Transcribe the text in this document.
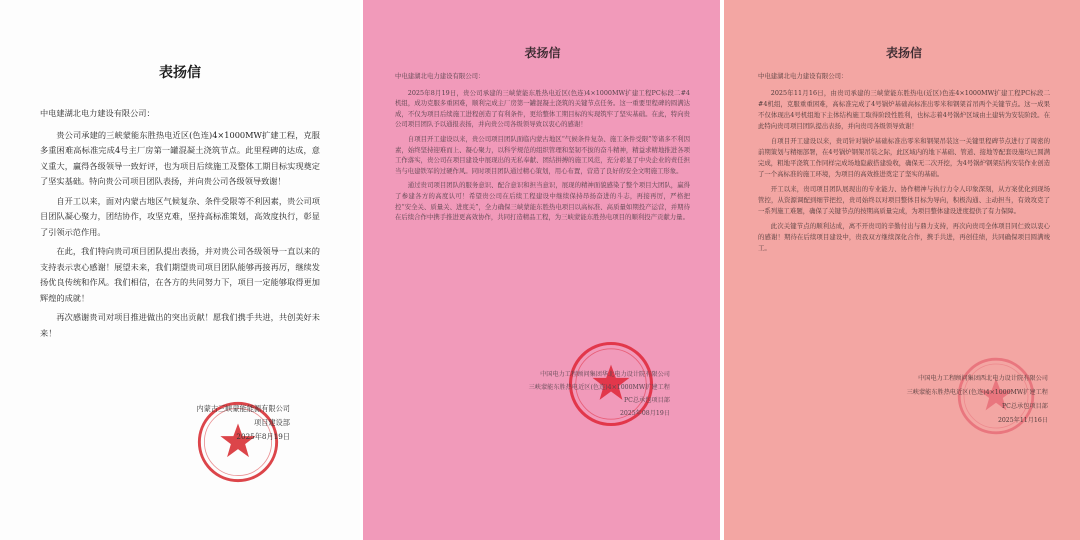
表扬信
中电建湖北电力建设有限公司：

贵公司承建的三峡蒙能东胜热电近区(色连)4×1000MW扩建工程，克服多重困难高标准完成4号主厂房第一罐混凝土浇筑节点。此里程碑的达成，意义重大，赢得各级领导一致好评，也为项目后续施工及整体工期目标实现奠定了坚实基础。特向贵公司项目团队表扬，并向贵公司各级领导致谢！

自开工以来，面对内蒙古地区气候复杂、条件受限等不利因素，贵公司项目团队凝心聚力，团结协作，攻坚克难，坚持高标准策划，高效度执行，彰显了引领示范作用。

在此，我们特向贵司项目团队提出表扬，并对贵公司各级领导一直以来的支持表示衷心感谢！展望未来，我们期望贵司项目团队能够再接再厉，继续发扬优良传统和作风。我们相信，在各方的共同努力下，项目一定能够取得更加辉煌的成就！

再次感谢贵司对项目推进做出的突出贡献！愿我们携手共进，共创美好未来！

内蒙古三峡蒙能能源有限公司
项目建设部
2025年8月19日
表扬信
中电建湖北电力建设有限公司：

2025年8月19日，贵公司承建的三峡蒙能东胜热电近区(色连)4×1000MW扩建工程PC标段二#4机组，成功克服多重困难，顺利完成主厂房第一罐混凝土浇筑的关键节点任务。这一重要里程碑的圆满达成，不仅为项目后续施工进程创造了有利条件，更给整体工期目标的实现筑牢了坚实基础。在此，特向贵公司项目团队予以通报表扬，并向贵公司各级领导致以衷心的感谢！

自项目开工建设以来，贵公司项目团队面临内蒙古地区“气候条件复杂、施工条件受限”等诸多不利因素，始终坚持迎难而上、凝心聚力，以科学规范的组织管理和坚韧不拔的奋斗精神，精益求精地推进各项工作落实，贵公司在项目建设中展现出的无私奉献、团结拼搏的施工风范，充分彰显了中央企业的责任担当与电建铁军的过硬作风。同时项目团队通过精心策划，用心布置，营造了良好的安全文明施工形象。

通过贵司项目团队的服务意识、配合意识和担当意识，展现的精神面貌感染了整个项目大团队，赢得了参建各方的高度认可！希望贵公司在后续工程建设中继续保持昂扬奋进的斗志，再接再厉，严格把控“安全关、质量关、进度关”，全力确保三峡蒙能东胜热电项目以高标准、高质量如期投产运营，并期待在后续合作中携手推进更高效协作，共同打造精品工程，为三峡蒙能东胜热电项目的顺利投产贡献力量。

中国电力工程顾问集团华北电力设计院有限公司
三峡蒙能东胜热电近区(色连)4×1000MW扩建工程
PC总承包项目部
2025年08月19日
表扬信
中电建湖北电力建设有限公司：

2025年11月16日，由贵司承建的三峡蒙能东胜热电(近区)色连4×1000MW扩建工程PC标段二#4机组，克服重重困难，高标准完成了4号锅炉基础高标准出零米和钢架首吊两个关键节点。这一成果不仅体现出4号机组地下主体结构施工取得阶段性胜利，也标志着4号锅炉区域由土建转为安装阶段。在此特向贵司项目团队提出表扬，并向贵司各级领导致谢！

自项目开工建设以来，贵司针对锅炉基础标准出零米和钢架吊装这一关键里程碑节点进行了周密的前期策划与精细部署，在4号锅炉钢架吊装之际，此区域内的地下基础、管道、接地等配套设施均已圆满完成，粗地平浇筑工作同样完成场地隐蔽搭建验收，确保无二次开挖，为4号锅炉钢架结构安装作业创造了一个高标准的施工环境，为项目的高效推进奠定了坚实的基础。

开工以来，贵司项目团队展现出的专业能力、协作精神与执行力令人印象深刻，从方案优化到现场管控，从资源调配到细节把控，贵司始终以对项目整体目标为导向，积极沟通、主动担当，有效攻克了一系列施工难题，确保了关键节点的按期高质量完成，为项目整体建设进度提供了有力保障。

此次关键节点的顺利达成，离不开贵司的辛勤付出与鼎力支持，再次向贵司全体项目同仁致以衷心的感谢！期待在后续项目建设中，贵我双方继续深化合作，携手共进，再创佳绩，共同确保项目圆满竣工。

中国电力工程顾问集团西北电力设计院有限公司
三峡蒙能东胜热电近区(色连)4×1000MW扩建工程
PC总承包项目部
2025年11月16日
